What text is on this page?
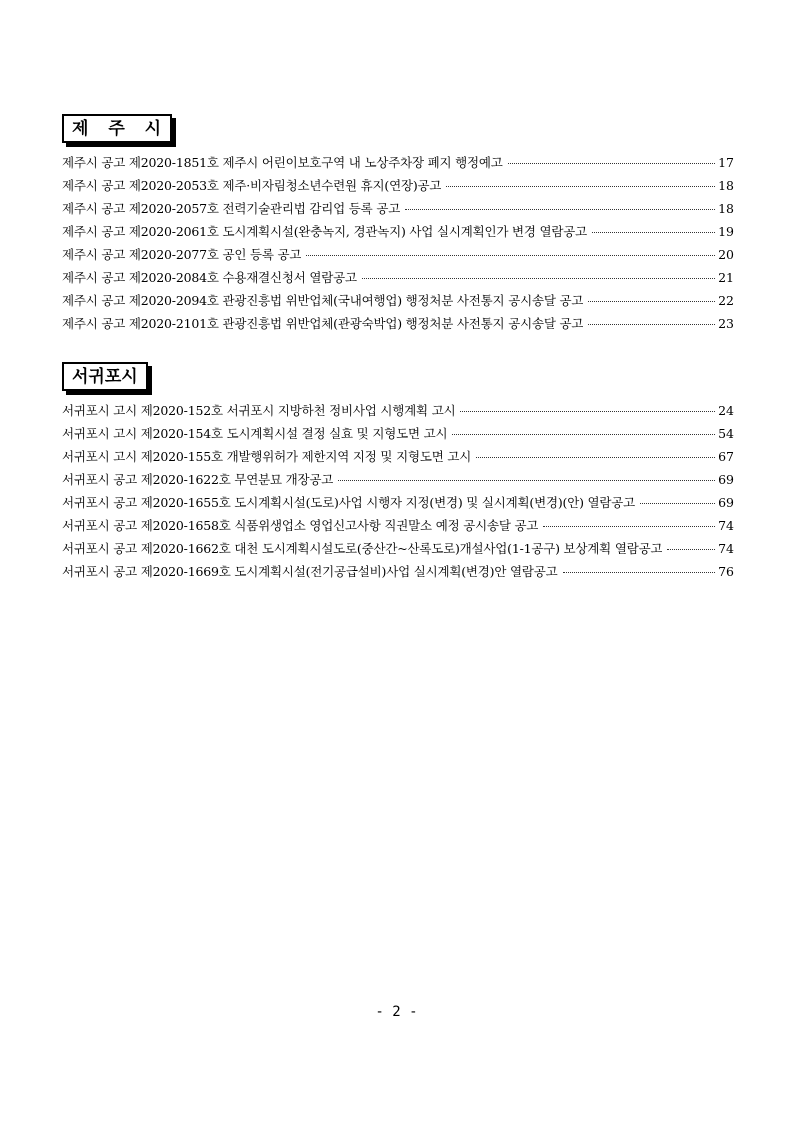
제 주 시
제주시 공고 제2020-1851호 제주시 어린이보호구역 내 노상주차장 폐지 행정예고	17
제주시 공고 제2020-2053호 제주·비자림청소년수련원 휴지(연장)공고	18
제주시 공고 제2020-2057호 전력기술관리법 감리업 등록 공고	18
제주시 공고 제2020-2061호 도시계획시설(완충녹지, 경관녹지) 사업 실시계획인가 변경 열람공고	19
제주시 공고 제2020-2077호 공인 등록 공고	20
제주시 공고 제2020-2084호 수용재결신청서 열람공고	21
제주시 공고 제2020-2094호 관광진흥법 위반업체(국내여행업) 행정처분 사전통지 공시송달 공고	22
제주시 공고 제2020-2101호 관광진흥법 위반업체(관광숙박업) 행정처분 사전통지 공시송달 공고	23
서귀포시
서귀포시 고시 제2020-152호 서귀포시 지방하천 정비사업 시행계획 고시	24
서귀포시 고시 제2020-154호 도시계획시설 결정 실효 및 지형도면 고시	54
서귀포시 고시 제2020-155호 개발행위허가 제한지역 지정 및 지형도면 고시	67
서귀포시 공고 제2020-1622호 무연분묘 개장공고	69
서귀포시 공고 제2020-1655호 도시계획시설(도로)사업 시행자 지정(변경) 및 실시계획(변경)(안) 열람공고	69
서귀포시 공고 제2020-1658호 식품위생업소 영업신고사항 직권말소 예정 공시송달 공고	74
서귀포시 공고 제2020-1662호 대천 도시계획시설도로(중산간~산록도로)개설사업(1-1공구) 보상계획 열람공고	74
서귀포시 공고 제2020-1669호 도시계획시설(전기공급설비)사업 실시계획(변경)안 열람공고	76
- 2 -
